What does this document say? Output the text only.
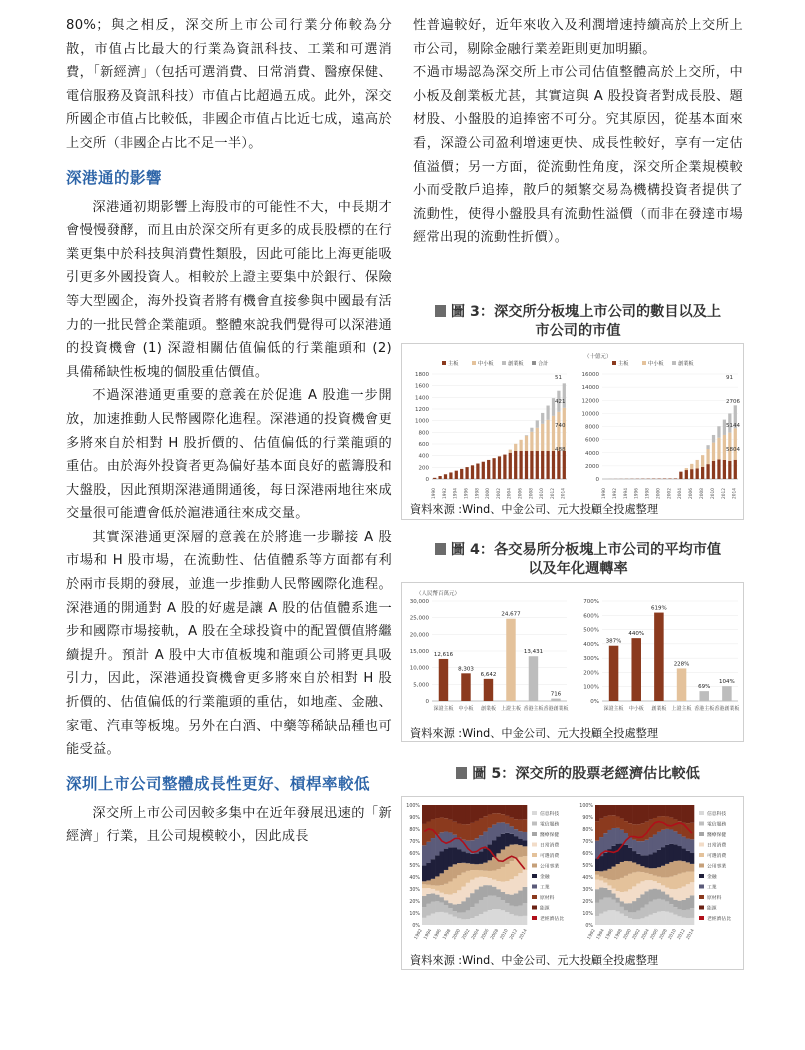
80%；與之相反，深交所上市公司行業分佈較為分散，市值占比最大的行業為資訊科技、工業和可選消費，「新經濟」（包括可選消費、日常消費、醫療保健、電信服務及資訊科技）市值占比超過五成。此外，深交所國企市值占比較低，非國企市值占比近七成，遠高於上交所（非國企占比不足一半）。

深港通的影響

深港通初期影響上海股市的可能性不大，中長期才會慢慢發酵，而且由於深交所有更多的成長股標的在行業更集中於科技與消費性類股，因此可能比上海更能吸引更多外國投資人。相較於上證主要集中於銀行、保險等大型國企，海外投資者將有機會直接參與中國最有活力的一批民營企業龍頭。整體來說我們覺得可以深港通的投資機會 (1) 深證相關估值偏低的行業龍頭和 (2) 具備稀缺性板塊的個股重估價值。

不過深港通更重要的意義在於促進 A 股進一步開放，加速推動人民幣國際化進程。深港通的投資機會更多將來自於相對 H 股折價的、估值偏低的行業龍頭的重估。由於海外投資者更為偏好基本面良好的藍籌股和大盤股，因此預期深港通開通後，每日深港兩地往來成交量很可能遭會低於滬港通往來成交量。

其實深港通更深層的意義在於將進一步聯接 A 股市場和 H 股市場，在流動性、估值體系等方面都有利於兩市長期的發展，並進一步推動人民幣國際化進程。深港通的開通對 A 股的好處是讓 A 股的估值體系進一步和國際市場接軌，A 股在全球投資中的配置價值將繼續提升。預計 A 股中大市值板塊和龍頭公司將更具吸引力，因此，深港通投資機會更多將來自於相對 H 股折價的、估值偏低的行業龍頭的重估，如地產、金融、家電、汽車等板塊。另外在白酒、中藥等稀缺品種也可能受益。

深圳上市公司整體成長性更好、槓桿率較低

深交所上市公司因較多集中在近年發展迅速的「新經濟」行業，且公司規模較小，因此成長

性普遍較好，近年來收入及利潤增速持續高於上交所上市公司，剔除金融行業差距則更加明顯。

不過市場認為深交所上市公司估值整體高於上交所，中小板及創業板尤甚，其實這與 A 股投資者對成長股、題材股、小盤股的追捧密不可分。究其原因，從基本面來看，深證公司盈利增速更快、成長性較好，享有一定估值溢價；另一方面，從流動性角度，深交所企業規模較小而受散戶追捧，散戶的頻繁交易為機構投資者提供了流動性，使得小盤股具有流動性溢價（而非在發達市場經常出現的流動性折價）。

圖 3：深交所分板塊上市公司的數目以及上

市公司的市值

主板	中小板	創業板	合計
0
200
400
600
800
1000
1200
1400
1600
1800
1990 1992 1994 1996 1998 2000 2002 2004 2006 2008 2010 2012 2014
51
421
740
488
（十億元）
主板	中小板	創業板
0
2000
4000
6000
8000
10000
12000
14000
16000
1990 1992 1994 1996 1998 2000 2002 2004 2006 2008 2010 2012 2014
91
2706
5144
5804
資料來源 :Wind、中金公司、元大投顧全投處整理

圖 4：各交易所分板塊上市公司的平均市值

以及年化週轉率

（人民幣百萬元）
0
5,000
10,000
15,000
20,000
25,000
30,000
12,616
深證主板
8,303
中小板
6,642
創業板
24,677
上證主板
13,431
香港主板
716
香港創業板
0%
100%
200%
300%
400%
500%
600%
700%
387%
深證主板
440%
中小板
619%
創業板
228%
上證主板
69%
香港主板
104%
香港創業板
資料來源 :Wind、中金公司、元大投顧全投處整理

圖 5：深交所的股票老經濟估比較低

0%
10%
20%
30%
40%
50%
60%
70%
80%
90%
100%
1992 1994 1996 1998 2000 2002 2004 2006 2008 2010 2012 2014
信息科技
電信服務
醫療保健
日常消費
可選消費
公用事業
金融
工業
原材料
能源
老經濟佔比
0%
10%
20%
30%
40%
50%
60%
70%
80%
90%
100%
1992 1994 1996 1998 2000 2002 2004 2006 2008 2010 2012 2014
信息科技
電信服務
醫療保健
日常消費
可選消費
公用事業
金融
工業
原材料
能源
老經濟佔比
資料來源 :Wind、中金公司、元大投顧全投處整理
